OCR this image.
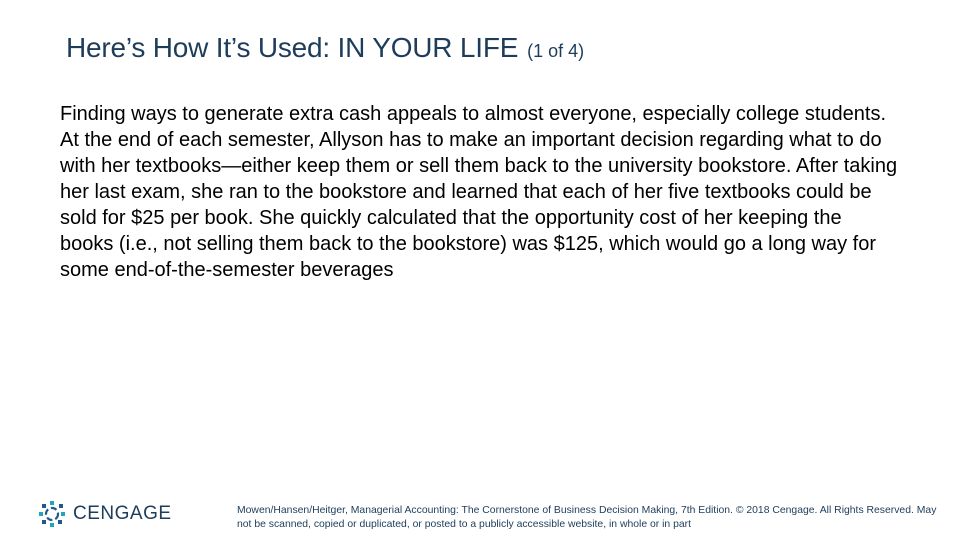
Here’s How It’s Used: IN YOUR LIFE (1 of 4)

Finding ways to generate extra cash appeals to almost everyone, especially college students. At the end of each semester, Allyson has to make an important decision regarding what to do with her textbooks—either keep them or sell them back to the university bookstore. After taking her last exam, she ran to the bookstore and learned that each of her five textbooks could be sold for $25 per book. She quickly calculated that the opportunity cost of her keeping the books (i.e., not selling them back to the bookstore) was $125, which would go a long way for some end-of-the-semester beverages

CENGAGE	Mowen/Hansen/Heitger, Managerial Accounting: The Cornerstone of Business Decision Making, 7th Edition. © 2018 Cengage. All Rights Reserved. May not be scanned, copied or duplicated, or posted to a publicly accessible website, in whole or in part
